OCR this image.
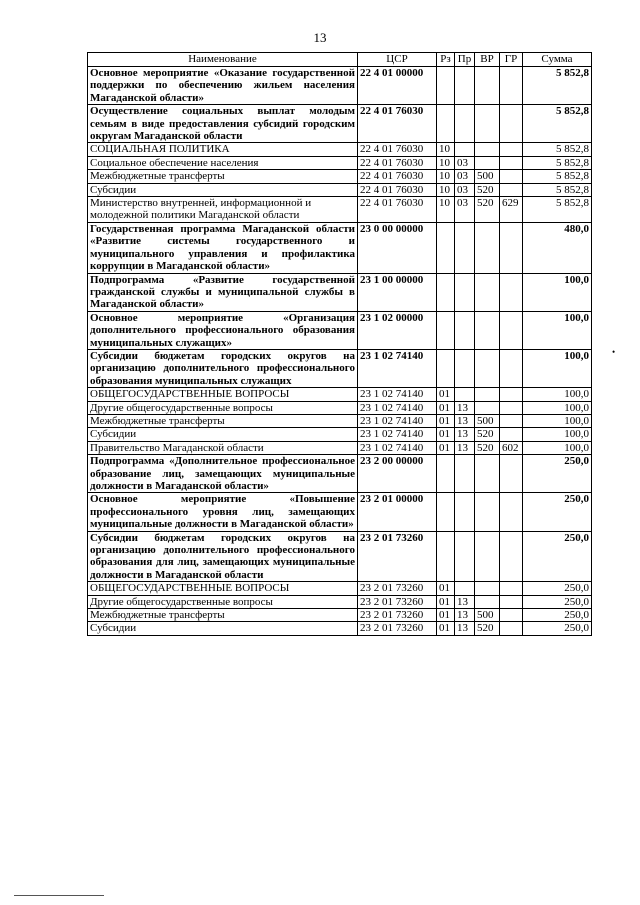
13
Наименование	ЦСР	Рз	Пр	ВР	ГР	Сумма
Основное мероприятие «Оказание государственной поддержки по обеспечению жильем населения Магаданской области»	22 4 01 00000					5 852,8
Осуществление социальных выплат молодым семьям в виде предоставления субсидий городским округам Магаданской области	22 4 01 76030					5 852,8
СОЦИАЛЬНАЯ ПОЛИТИКА	22 4 01 76030	10				5 852,8
Социальное обеспечение населения	22 4 01 76030	10	03			5 852,8
Межбюджетные трансферты	22 4 01 76030	10	03	500		5 852,8
Субсидии	22 4 01 76030	10	03	520		5 852,8
Министерство внутренней, информационной и молодежной политики Магаданской области	22 4 01 76030	10	03	520	629	5 852,8
Государственная программа Магаданской области «Развитие системы государственного и муниципального управления и профилактика коррупции в Магаданской области»	23 0 00 00000					480,0
Подпрограмма «Развитие государственной гражданской службы и муниципальной службы в Магаданской области»	23 1 00 00000					100,0
Основное мероприятие «Организация дополнительного профессионального образования муниципальных служащих»	23 1 02 00000					100,0
Субсидии бюджетам городских округов на организацию дополнительного профессионального образования муниципальных служащих	23 1 02 74140					100,0
ОБЩЕГОСУДАРСТВЕННЫЕ ВОПРОСЫ	23 1 02 74140	01				100,0
Другие общегосударственные вопросы	23 1 02 74140	01	13			100,0
Межбюджетные трансферты	23 1 02 74140	01	13	500		100,0
Субсидии	23 1 02 74140	01	13	520		100,0
Правительство Магаданской области	23 1 02 74140	01	13	520	602	100,0
Подпрограмма «Дополнительное профессиональное образование лиц, замещающих муниципальные должности в Магаданской области»	23 2 00 00000					250,0
Основное мероприятие «Повышение профессионального уровня лиц, замещающих муниципальные должности в Магаданской области»	23 2 01 00000					250,0
Субсидии бюджетам городских округов на организацию дополнительного профессионального образования для лиц, замещающих муниципальные должности в Магаданской области	23 2 01 73260					250,0
ОБЩЕГОСУДАРСТВЕННЫЕ ВОПРОСЫ	23 2 01 73260	01				250,0
Другие общегосударственные вопросы	23 2 01 73260	01	13			250,0
Межбюджетные трансферты	23 2 01 73260	01	13	500		250,0
Субсидии	23 2 01 73260	01	13	520		250,0
•
